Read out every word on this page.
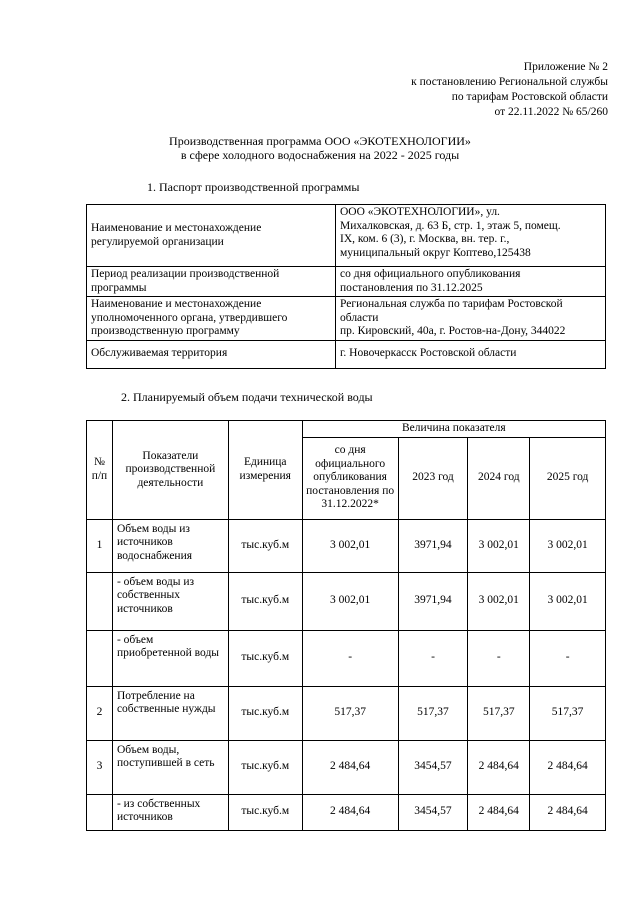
Приложение № 2
к постановлению Региональной службы
по тарифам Ростовской области
от 22.11.2022 № 65/260
Производственная программа ООО «ЭКОТЕХНОЛОГИИ»
в сфере холодного водоснабжения на 2022 - 2025 годы
1. Паспорт производственной программы
Наименование и местонахождение регулируемой организации	ООО «ЭКОТЕХНОЛОГИИ», ул.
Михалковская, д. 63 Б, стр. 1, этаж 5, помещ.
IX, ком. 6 (3), г. Москва, вн. тер. г.,
муниципальный округ Коптево,125438

Период реализации производственной программы	со дня официального опубликования
постановления по 31.12.2025

Наименование и местонахождение уполномоченного органа, утвердившего производственную программу	Региональная служба по тарифам Ростовской
области
пр. Кировский, 40а, г. Ростов-на-Дону, 344022

Обслуживаемая территория	г. Новочеркасск Ростовской области
2. Планируемый объем подачи технической воды
№ п/п	Показатели производственной деятельности	Единица измерения	Величина показателя			
			со дня официального опубликования постановления по 31.12.2022*	2023 год	2024 год	2025 год
1	Объем воды из источников водоснабжения	тыс.куб.м	3 002,01	3971,94	3 002,01	3 002,01
	- объем воды из собственных источников	тыс.куб.м	3 002,01	3971,94	3 002,01	3 002,01
	- объем приобретенной воды	тыс.куб.м	-	-	-	-
2	Потребление на собственные нужды	тыс.куб.м	517,37	517,37	517,37	517,37
3	Объем воды, поступившей в сеть	тыс.куб.м	2 484,64	3454,57	2 484,64	2 484,64
	- из собственных источников	тыс.куб.м	2 484,64	3454,57	2 484,64	2 484,64
